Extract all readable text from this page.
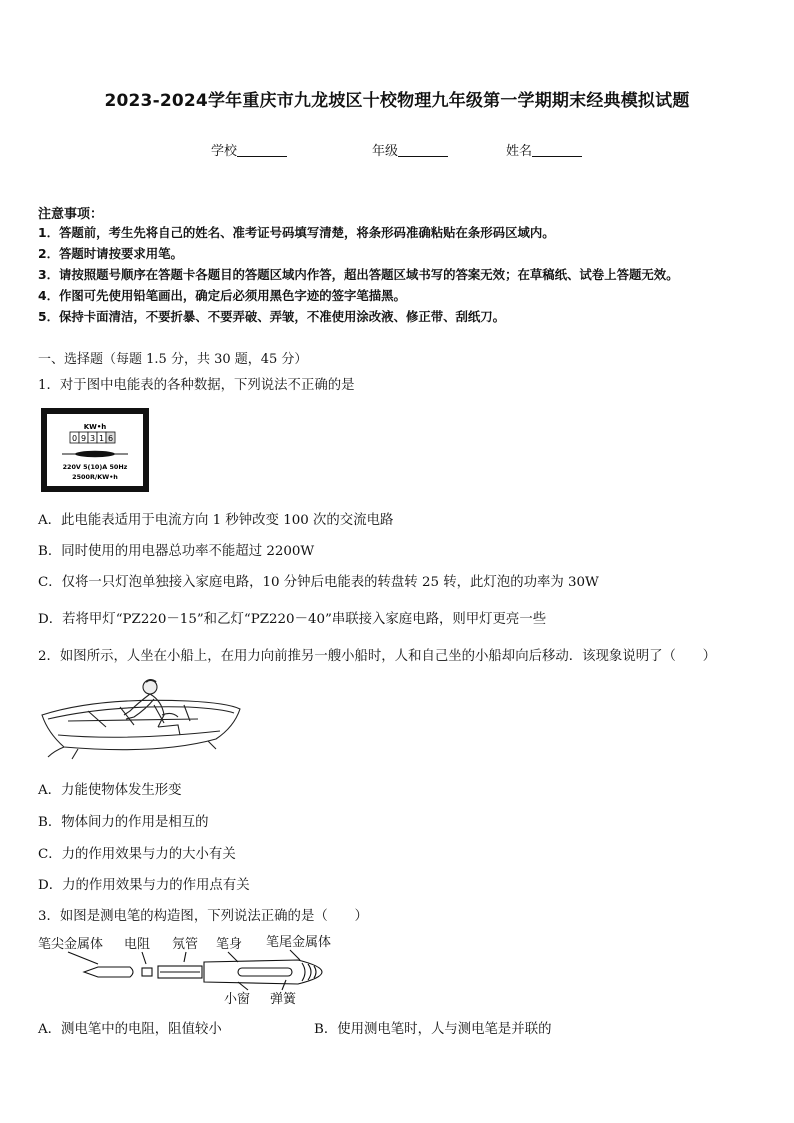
2023-2024学年重庆市九龙坡区十校物理九年级第一学期期末经典模拟试题
学校	年级	姓名
注意事项：
1．答题前，考生先将自己的姓名、准考证号码填写清楚，将条形码准确粘贴在条形码区域内。
2．答题时请按要求用笔。
3．请按照题号顺序在答题卡各题目的答题区域内作答，超出答题区域书写的答案无效；在草稿纸、试卷上答题无效。
4．作图可先使用铅笔画出，确定后必须用黑色字迹的签字笔描黑。
5．保持卡面清洁，不要折暴、不要弄破、弄皱，不准使用涂改液、修正带、刮纸刀。
一、选择题（每题 1.5 分，共 30 题，45 分）
1．对于图中电能表的各种数据，下列说法不正确的是
KW•h
0 9 3 1 6
220V 5(10)A 50Hz
2500R/KW•h
A．此电能表适用于电流方向 1 秒钟改变 100 次的交流电路
B．同时使用的用电器总功率不能超过 2200W
C．仅将一只灯泡单独接入家庭电路，10 分钟后电能表的转盘转 25 转，此灯泡的功率为 30W
D．若将甲灯“PZ220－15”和乙灯“PZ220－40”串联接入家庭电路，则甲灯更亮一些
2．如图所示，人坐在小船上，在用力向前推另一艘小船时，人和自己坐的小船却向后移动．该现象说明了（　　）
A．力能使物体发生形变
B．物体间力的作用是相互的
C．力的作用效果与力的大小有关
D．力的作用效果与力的作用点有关
3．如图是测电笔的构造图，下列说法正确的是（　　）
笔尖金属体 电阻 氖管 笔身 笔尾金属体
小窗 弹簧
A．测电笔中的电阻，阻值较小	B．使用测电笔时，人与测电笔是并联的
